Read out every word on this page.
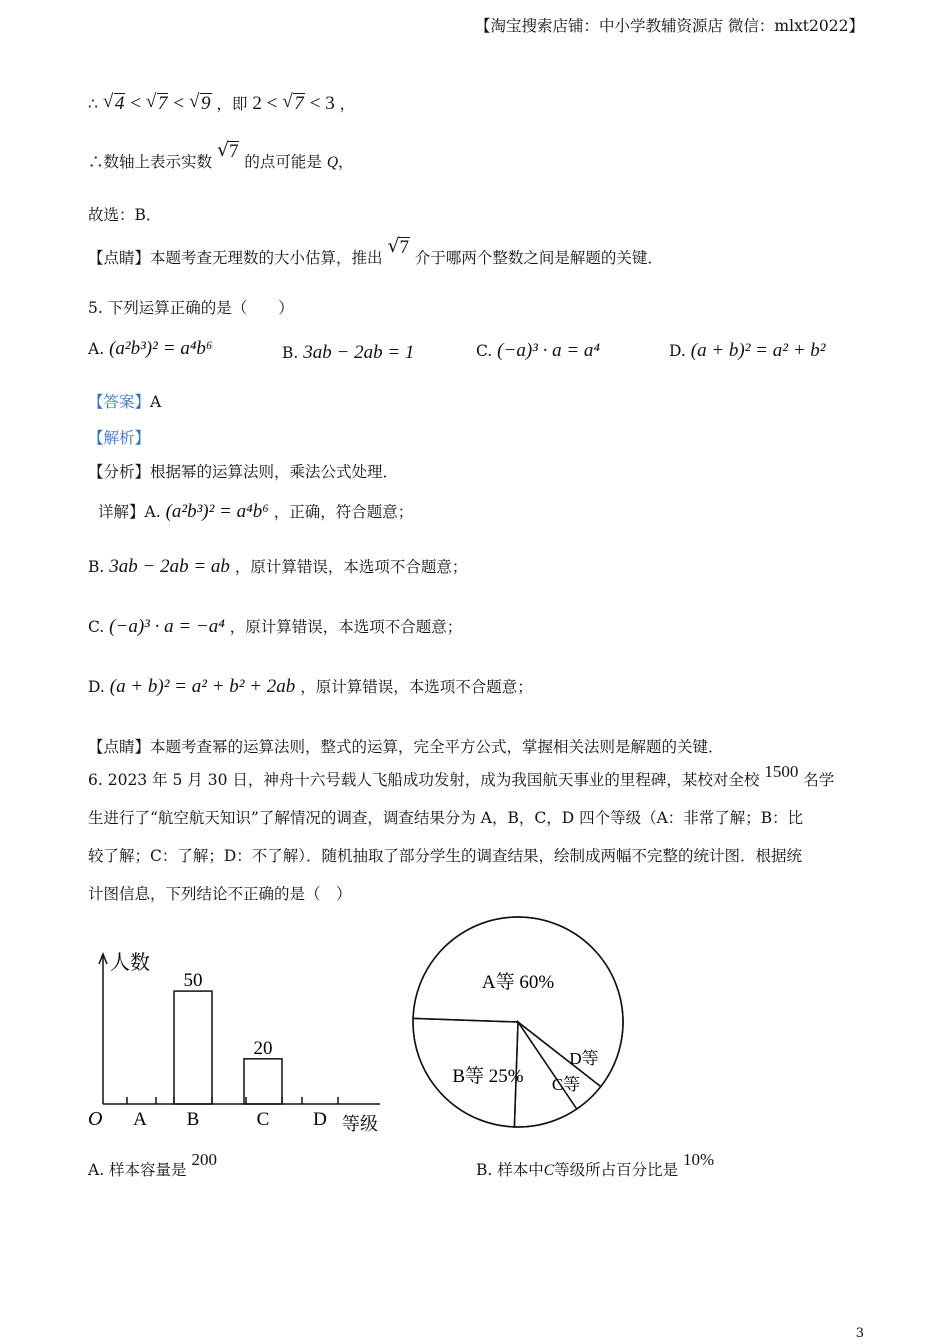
【淘宝搜索店铺：中小学教辅资源店 微信：mlxt2022】
∴ √ 4 < √ 7 < √ 9 ，即 2 < √ 7 < 3 ，
∴数轴上表示实数 √ 7 的点可能是 Q，
故选：B．
【点睛】本题考查无理数的大小估算，推出 √ 7 介于哪两个整数之间是解题的关键．
5. 下列运算正确的是（　　）
A. (a²b³)² = a⁴b⁶	B. 3ab − 2ab = 1	C. (−a)³ · a = a⁴	D. (a + b)² = a² + b²
【答案】A
【解析】
【分析】根据幂的运算法则，乘法公式处理．
详解】A. (a²b³)² = a⁴b⁶ ，正确，符合题意；
B. 3ab − 2ab = ab ，原计算错误，本选项不合题意；
C. (−a)³ · a = −a⁴ ，原计算错误，本选项不合题意；
D. (a + b)² = a² + b² + 2ab ，原计算错误，本选项不合题意；
【点睛】本题考查幂的运算法则，整式的运算，完全平方公式，掌握相关法则是解题的关键．
6. 2023 年 5 月 30 日，神舟十六号载人飞船成功发射，成为我国航天事业的里程碑，某校对全校 1500 名学
生进行了“航空航天知识”了解情况的调查，调查结果分为 A，B，C，D 四个等级（A：非常了解；B：比
较了解；C：了解；D：不了解）．随机抽取了部分学生的调查结果，绘制成两幅不完整的统计图．根据统
计图信息，下列结论不正确的是（　）
人数
O	等级
A B
50
C
20
D
A等 60%
B等 25% C等
D等
A. 样本容量是 200
B. 样本中C等级所占百分比是 10%
3
